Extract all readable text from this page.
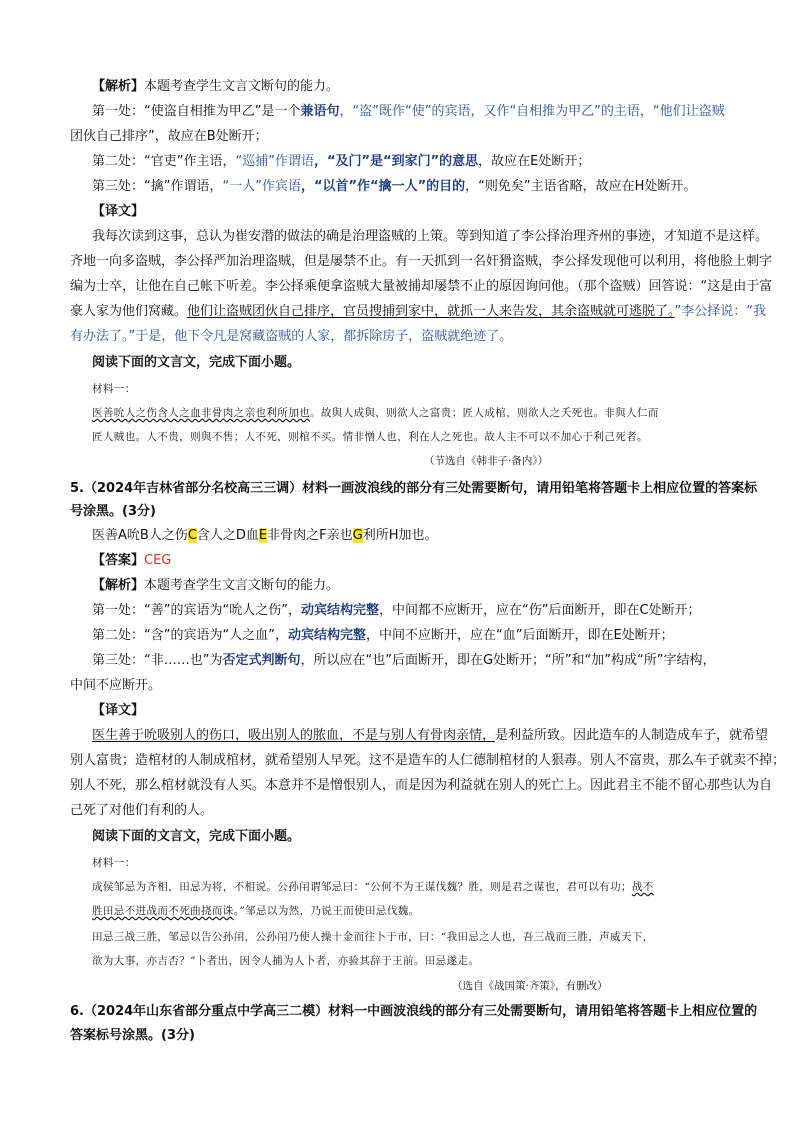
【解析】本题考查学生文言文断句的能力。
第一处：“使盗自相推为甲乙”是一个兼语句，“盗”既作“使”的宾语，又作“自相推为甲乙”的主语，“他们让盗贼
团伙自己排序”，故应在B处断开；
第二处：“官吏”作主语，“巡捕”作谓语，“及门”是“到家门”的意思，故应在E处断开；
第三处：“擒”作谓语，“一人”作宾语，“以首”作“擒一人”的目的，“则免矣”主语省略，故应在H处断开。
【译文】
我每次读到这事，总认为崔安潜的做法的确是治理盗贼的上策。等到知道了李公择治理齐州的事迹，才知道不是这样。
齐地一向多盗贼，李公择严加治理盗贼，但是屡禁不止。有一天抓到一名奸猾盗贼，李公择发现他可以利用，将他脸上刺字
编为士卒，让他在自己帐下听差。李公择乘便拿盗贼大量被捕却屡禁不止的原因询问他。（那个盗贼）回答说：“这是由于富
豪人家为他们窝藏。他们让盗贼团伙自己排序，官员搜捕到家中，就抓一人来告发，其余盗贼就可逃脱了。”李公择说：“我
有办法了。”于是，他下令凡是窝藏盗贼的人家，都拆除房子，盗贼就绝迹了。
阅读下面的文言文，完成下面小题。
材料一：
医善吮人之伤含人之血非骨肉之亲也利所加也。故與人成與，则欲人之富贵；匠人成棺，则欲人之夭死也。非與人仁而
匠人贼也。人不贵，则與不售；人不死，则棺不买。情非憎人也，利在人之死也。故人主不可以不加心于利己死者。
（节选自《韩非子·备内》）
5.（2024年吉林省部分名校高三三调）材料一画波浪线的部分有三处需要断句，请用铅笔将答题卡上相应位置的答案标
号涂黑。(3分)
医善A吮B人之伤C含人之D血E非骨肉之F亲也G利所H加也。
【答案】CEG
【解析】本题考查学生文言文断句的能力。
第一处：“善”的宾语为“吮人之伤”，动宾结构完整，中间都不应断开，应在“伤”后面断开，即在C处断开；
第二处：“含”的宾语为“人之血”，动宾结构完整，中间不应断开，应在“血”后面断开，即在E处断开；
第三处：“非……也”为否定式判断句，所以应在“也”后面断开，即在G处断开；“所”和“加”构成“所”字结构，
中间不应断开。
【译文】
医生善于吮吸别人的伤口，吸出别人的脓血，不是与别人有骨肉亲情，是利益所致。因此造车的人制造成车子，就希望
别人富贵；造棺材的人制成棺材，就希望别人早死。这不是造车的人仁德制棺材的人狠毒。别人不富贵，那么车子就卖不掉；
别人不死，那么棺材就没有人买。本意并不是憎恨别人，而是因为利益就在别人的死亡上。因此君主不能不留心那些认为自
己死了对他们有利的人。
阅读下面的文言文，完成下面小题。
材料一：
成侯邹忌为齐相，田忌为将，不相说。公孙闬谓邹忌曰：“公何不为王谋伐魏？胜，则是君之谋也，君可以有功；战不
胜田忌不进战而不死曲挠而诛。”邹忌以为然，乃说王而使田忌伐魏。
田忌三战三胜，邹忌以告公孙闬，公孙闬乃使人操十金而往卜于市，曰：“我田忌之人也，吾三战而三胜，声威天下，
欲为大事，亦吉否？”卜者出，因令人捕为人卜者，亦验其辞于王前。田忌遂走。
（选自《战国策·齐策》，有删改）
6.（2024年山东省部分重点中学高三二模）材料一中画波浪线的部分有三处需要断句，请用铅笔将答题卡上相应位置的
答案标号涂黑。(3分)
